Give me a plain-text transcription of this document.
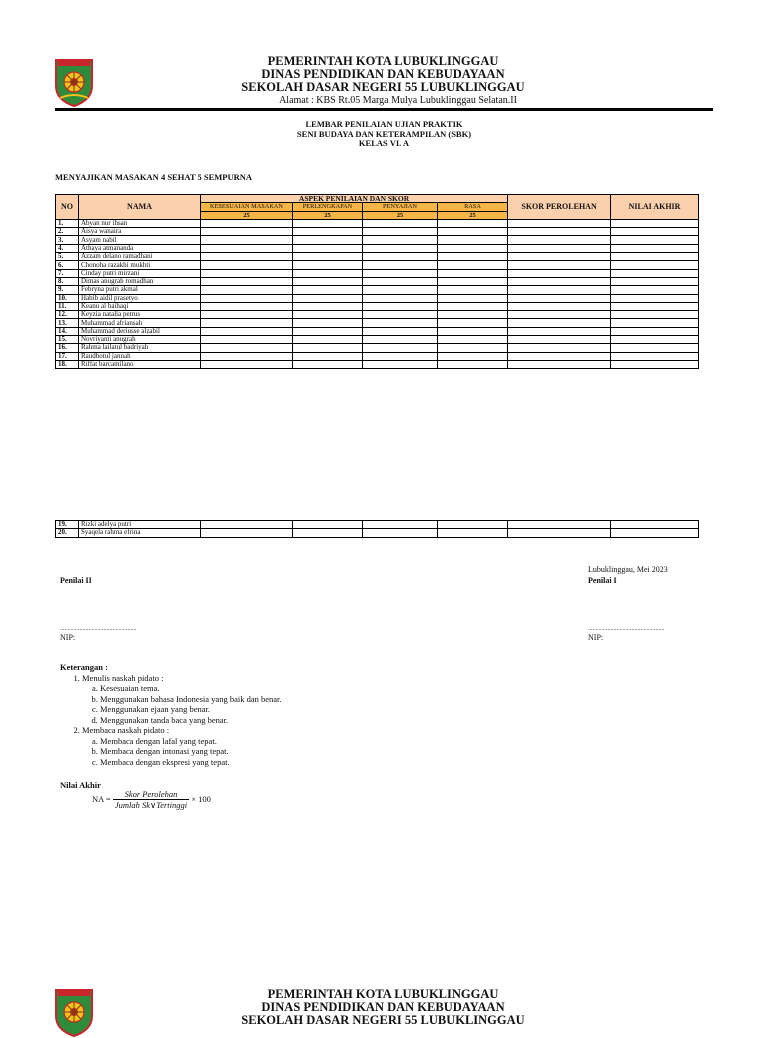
PEMERINTAH KOTA LUBUKLINGGAU
DINAS PENDIDIKAN DAN KEBUDAYAAN
SEKOLAH DASAR NEGERI 55 LUBUKLINGGAU
Alamat : KBS Rt.05 Marga Mulya Lubuklinggau Selatan.II
LEMBAR PENILAIAN UJIAN PRAKTIK
SENI BUDAYA DAN KETERAMPILAN (SBK)
KELAS VI. A
MENYAJIKAN MASAKAN 4 SEHAT 5 SEMPURNA
NO	NAMA	ASPEK PENILAIAN DAN SKOR				SKOR PEROLEHAN	NILAI AKHIR
		KESESUAIAN MASAKAN	PERLENGKAPAN	PENYAJIAN	RASA		
		25	25	25	25		
1.	Abyan nur ihsan						
2.	Aisya wanaira						
3.	Asyam nabil						
4.	Athaya atmananda						
5.	Azzam delano ramadhani						
6.	Chonoha razakhi mukhti						
7.	Cinday putri mirzani						
8.	Dimas anugrah romadhan						
9.	Febryna putri akmal						
10.	Habib aidil prasetyo						
11.	Keanu al baihaqi						
12.	Keyzia natalia petrus						
13.	Muhammad afriansah						
14.	Muhammad deriusse alzabil						
15.	Novriyanti anugrah						
16.	Rahma lailatul badriyah						
17.	Raudhotul jannah						
18.	Riffat barcamilano						
19.	Rizki adelya putri						
20.	Syaqela rahma efrina						
Lubuklinggau, Mei 2023
Penilai II	Penilai I
...................................................	...................................................
NIP:	NIP:
Keterangan :
1. Menulis naskah pidato :
a. Kesesuaian tema.
b. Menggunakan bahasa Indonesia yang baik dan benar.
c. Menggunakan ejaan yang benar.
d. Menggunakan tanda baca yang benar.
2. Membaca naskah pidato :
a. Membaca dengan lafal yang tepat.
b. Membaca dengan intonasi yang tepat.
c. Membaca dengan ekspresi yang tepat.
Nilai Akhir
NA = $\frac{\text{Skor Perolehan}}{\text{Jumlah Sk∨Tertinggi}} \times 100$
PEMERINTAH KOTA LUBUKLINGGAU
DINAS PENDIDIKAN DAN KEBUDAYAAN
SEKOLAH DASAR NEGERI 55 LUBUKLINGGAU
